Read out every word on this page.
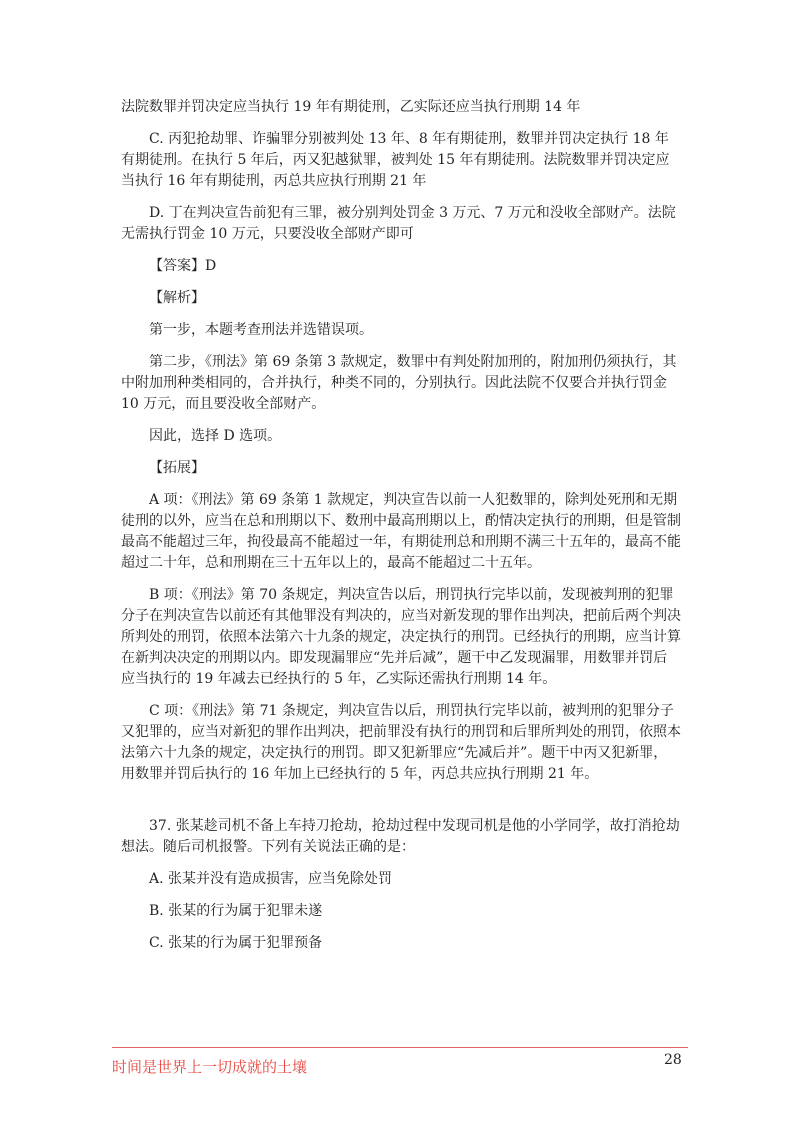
法院数罪并罚决定应当执行 19 年有期徒刑，乙实际还应当执行刑期 14 年

C. 丙犯抢劫罪、诈骗罪分别被判处 13 年、8 年有期徒刑，数罪并罚决定执行 18 年有期徒刑。在执行 5 年后，丙又犯越狱罪，被判处 15 年有期徒刑。法院数罪并罚决定应当执行 16 年有期徒刑，丙总共应执行刑期 21 年

D. 丁在判决宣告前犯有三罪，被分别判处罚金 3 万元、7 万元和没收全部财产。法院无需执行罚金 10 万元，只要没收全部财产即可

【答案】D

【解析】

第一步，本题考查刑法并选错误项。

第二步，《刑法》第 69 条第 3 款规定，数罪中有判处附加刑的，附加刑仍须执行，其中附加刑种类相同的，合并执行，种类不同的，分别执行。因此法院不仅要合并执行罚金 10 万元，而且要没收全部财产。

因此，选择 D 选项。

【拓展】

A 项：《刑法》第 69 条第 1 款规定，判决宣告以前一人犯数罪的，除判处死刑和无期徒刑的以外，应当在总和刑期以下、数刑中最高刑期以上，酌情决定执行的刑期，但是管制最高不能超过三年，拘役最高不能超过一年，有期徒刑总和刑期不满三十五年的，最高不能超过二十年，总和刑期在三十五年以上的，最高不能超过二十五年。

B 项：《刑法》第 70 条规定，判决宣告以后，刑罚执行完毕以前，发现被判刑的犯罪分子在判决宣告以前还有其他罪没有判决的，应当对新发现的罪作出判决，把前后两个判决所判处的刑罚，依照本法第六十九条的规定，决定执行的刑罚。已经执行的刑期，应当计算在新判决决定的刑期以内。即发现漏罪应“先并后减”，题干中乙发现漏罪，用数罪并罚后应当执行的 19 年减去已经执行的 5 年，乙实际还需执行刑期 14 年。

C 项：《刑法》第 71 条规定，判决宣告以后，刑罚执行完毕以前，被判刑的犯罪分子又犯罪的，应当对新犯的罪作出判决，把前罪没有执行的刑罚和后罪所判处的刑罚，依照本法第六十九条的规定，决定执行的刑罚。即又犯新罪应“先减后并”。题干中丙又犯新罪，用数罪并罚后执行的 16 年加上已经执行的 5 年，丙总共应执行刑期 21 年。

37. 张某趁司机不备上车持刀抢劫，抢劫过程中发现司机是他的小学同学，故打消抢劫想法。随后司机报警。下列有关说法正确的是：

A. 张某并没有造成损害，应当免除处罚

B. 张某的行为属于犯罪未遂

C. 张某的行为属于犯罪预备

时间是世界上一切成就的土壤	28
